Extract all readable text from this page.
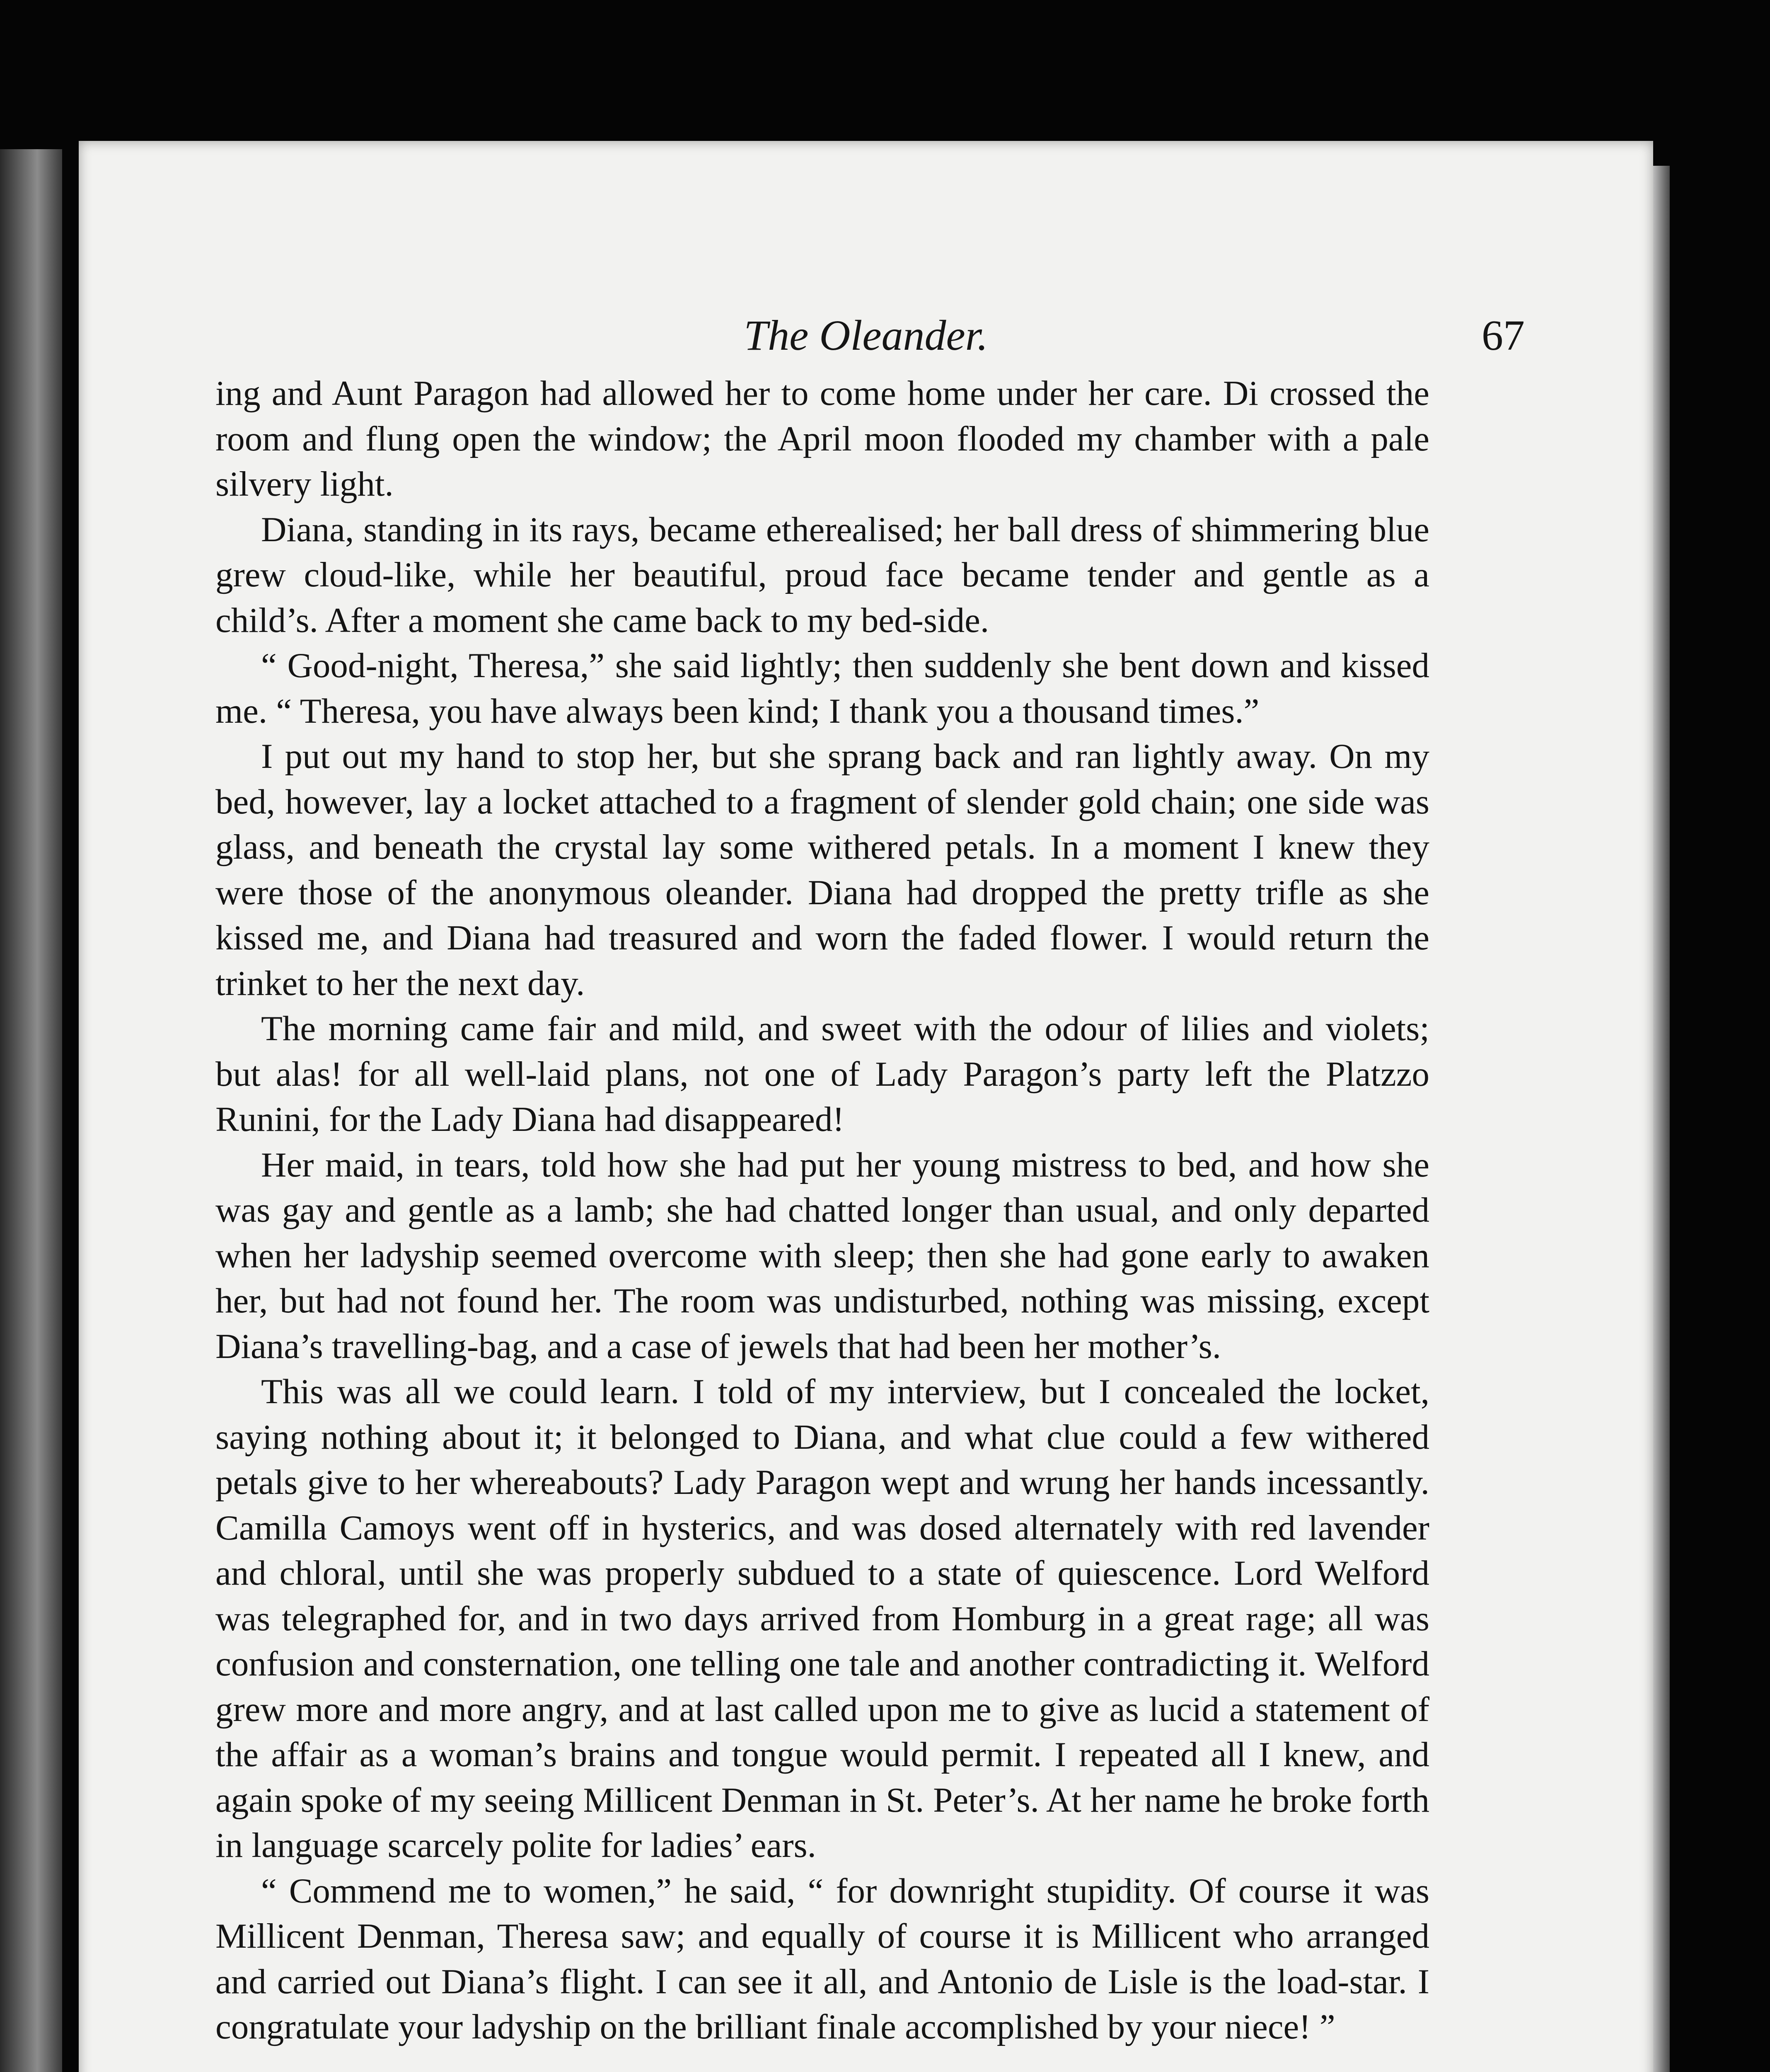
The Oleander.	67

ing and Aunt Paragon had allowed her to come home under her care. Di crossed the room and flung open the window; the April moon flooded my chamber with a pale silvery light.

Diana, standing in its rays, became etherealised; her ball dress of shimmering blue grew cloud-like, while her beautiful, proud face became tender and gentle as a child’s. After a moment she came back to my bed-side.

“ Good-night, Theresa,” she said lightly; then suddenly she bent down and kissed me. “ Theresa, you have always been kind; I thank you a thousand times.”

I put out my hand to stop her, but she sprang back and ran lightly away. On my bed, however, lay a locket attached to a fragment of slender gold chain; one side was glass, and beneath the crystal lay some withered petals. In a moment I knew they were those of the anonymous oleander. Diana had dropped the pretty trifle as she kissed me, and Diana had treasured and worn the faded flower. I would return the trinket to her the next day.

The morning came fair and mild, and sweet with the odour of lilies and violets; but alas! for all well-laid plans, not one of Lady Paragon’s party left the Platzzo Runini, for the Lady Diana had disappeared!

Her maid, in tears, told how she had put her young mistress to bed, and how she was gay and gentle as a lamb; she had chatted longer than usual, and only departed when her ladyship seemed overcome with sleep; then she had gone early to awaken her, but had not found her. The room was undisturbed, nothing was missing, except Diana’s travelling-bag, and a case of jewels that had been her mother’s.

This was all we could learn. I told of my interview, but I concealed the locket, saying nothing about it; it belonged to Diana, and what clue could a few withered petals give to her whereabouts? Lady Paragon wept and wrung her hands incessantly. Camilla Camoys went off in hysterics, and was dosed alternately with red lavender and chloral, until she was properly subdued to a state of quiescence. Lord Welford was telegraphed for, and in two days arrived from Homburg in a great rage; all was confusion and consternation, one telling one tale and another contradicting it. Welford grew more and more angry, and at last called upon me to give as lucid a statement of the affair as a woman’s brains and tongue would permit. I repeated all I knew, and again spoke of my seeing Millicent Denman in St. Peter’s. At her name he broke forth in language scarcely polite for ladies’ ears.

“ Commend me to women,” he said, “ for downright stupidity. Of course it was Millicent Denman, Theresa saw; and equally of course it is Millicent who arranged and carried out Diana’s flight. I can see it all, and Antonio de Lisle is the load-star. I congratulate your ladyship on the brilliant finale accomplished by your niece! ”
